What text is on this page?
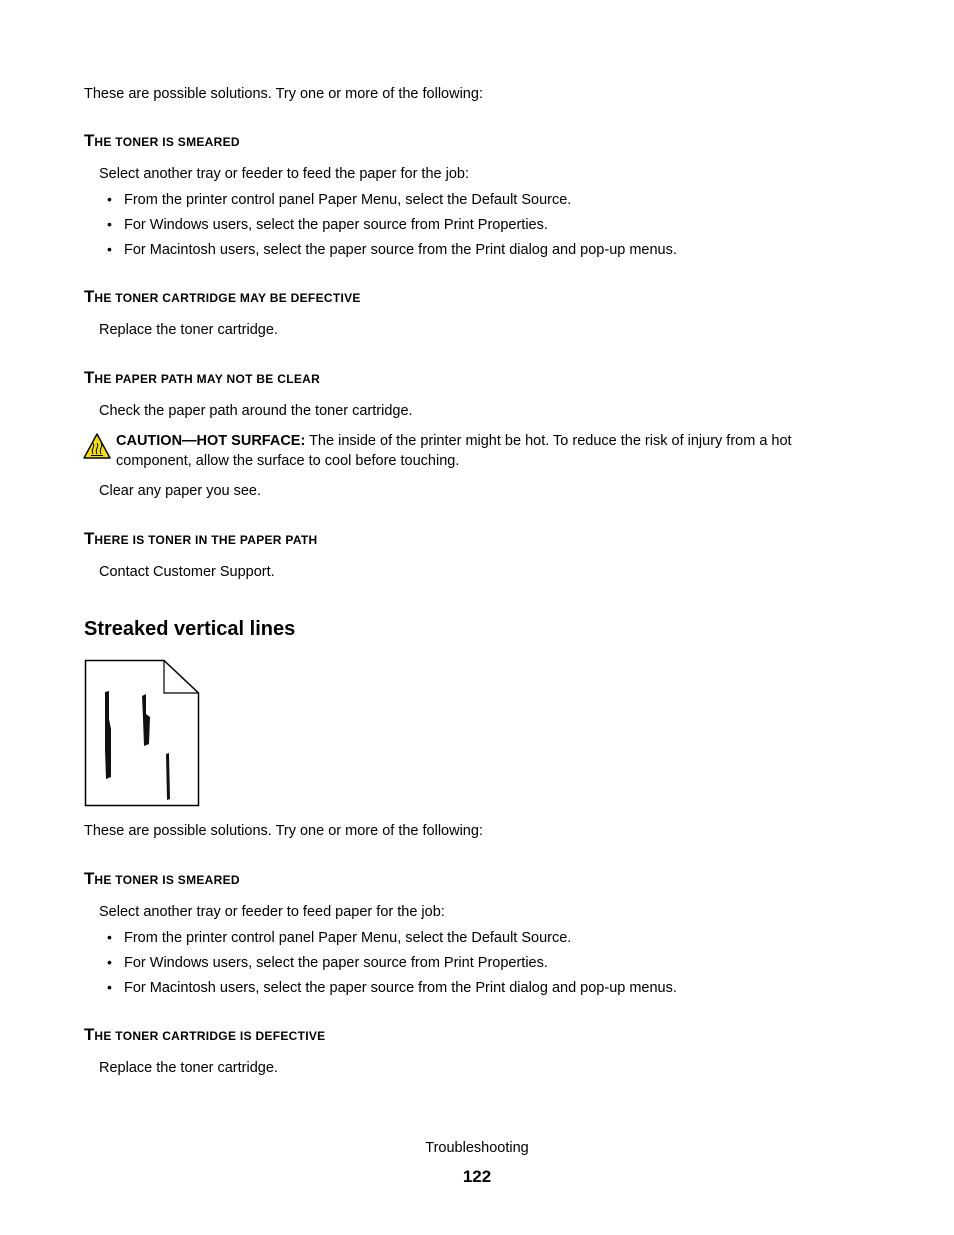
These are possible solutions. Try one or more of the following:
THE TONER IS SMEARED
Select another tray or feeder to feed the paper for the job:
• From the printer control panel Paper Menu, select the Default Source.
• For Windows users, select the paper source from Print Properties.
• For Macintosh users, select the paper source from the Print dialog and pop-up menus.
THE TONER CARTRIDGE MAY BE DEFECTIVE
Replace the toner cartridge.
THE PAPER PATH MAY NOT BE CLEAR
Check the paper path around the toner cartridge.
CAUTION—HOT SURFACE: The inside of the printer might be hot. To reduce the risk of injury from a hot
component, allow the surface to cool before touching.
Clear any paper you see.
THERE IS TONER IN THE PAPER PATH
Contact Customer Support.
Streaked vertical lines
These are possible solutions. Try one or more of the following:
THE TONER IS SMEARED
Select another tray or feeder to feed paper for the job:
• From the printer control panel Paper Menu, select the Default Source.
• For Windows users, select the paper source from Print Properties.
• For Macintosh users, select the paper source from the Print dialog and pop-up menus.
THE TONER CARTRIDGE IS DEFECTIVE
Replace the toner cartridge.
Troubleshooting
122
